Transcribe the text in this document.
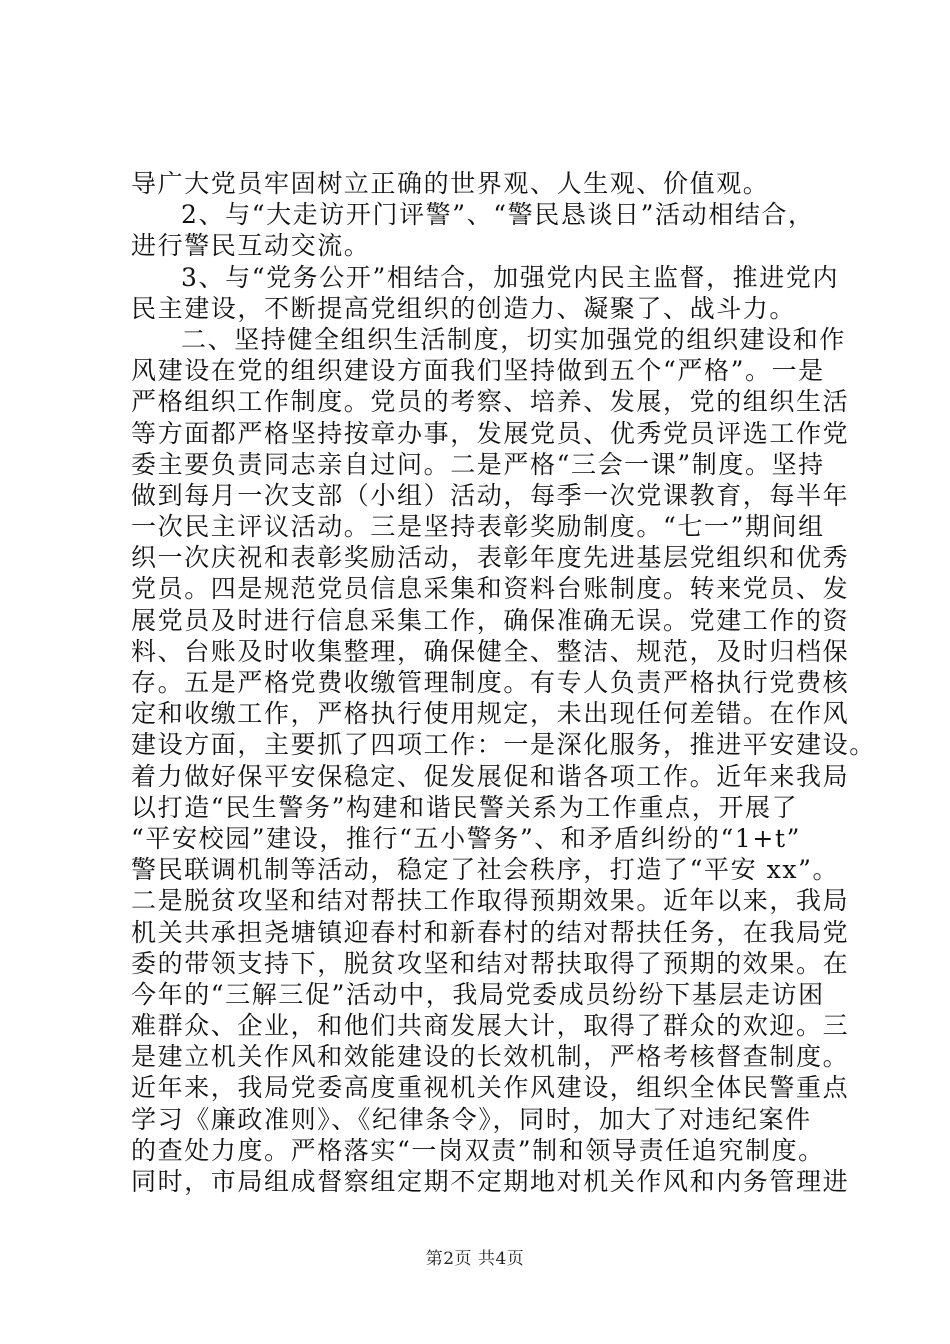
导广大党员牢固树立正确的世界观、人生观、价值观。
2、与“大走访开门评警”、“警民恳谈日”活动相结合，
进行警民互动交流。
3、与“党务公开”相结合，加强党内民主监督，推进党内
民主建设，不断提高党组织的创造力、凝聚了、战斗力。
二、坚持健全组织生活制度，切实加强党的组织建设和作
风建设在党的组织建设方面我们坚持做到五个“严格”。一是
严格组织工作制度。党员的考察、培养、发展，党的组织生活
等方面都严格坚持按章办事，发展党员、优秀党员评选工作党
委主要负责同志亲自过问。二是严格“三会一课”制度。坚持
做到每月一次支部（小组）活动，每季一次党课教育，每半年
一次民主评议活动。三是坚持表彰奖励制度。“七一”期间组
织一次庆祝和表彰奖励活动，表彰年度先进基层党组织和优秀
党员。四是规范党员信息采集和资料台账制度。转来党员、发
展党员及时进行信息采集工作，确保准确无误。党建工作的资
料、台账及时收集整理，确保健全、整洁、规范，及时归档保
存。五是严格党费收缴管理制度。有专人负责严格执行党费核
定和收缴工作，严格执行使用规定，未出现任何差错。在作风
建设方面，主要抓了四项工作：一是深化服务，推进平安建设。
着力做好保平安保稳定、促发展促和谐各项工作。近年来我局
以打造“民生警务”构建和谐民警关系为工作重点，开展了
“平安校园”建设，推行“五小警务”、和矛盾纠纷的“1+t”
警民联调机制等活动，稳定了社会秩序，打造了“平安 xx”。
二是脱贫攻坚和结对帮扶工作取得预期效果。近年以来，我局
机关共承担尧塘镇迎春村和新春村的结对帮扶任务，在我局党
委的带领支持下，脱贫攻坚和结对帮扶取得了预期的效果。在
今年的“三解三促”活动中，我局党委成员纷纷下基层走访困
难群众、企业，和他们共商发展大计，取得了群众的欢迎。三
是建立机关作风和效能建设的长效机制，严格考核督查制度。
近年来，我局党委高度重视机关作风建设，组织全体民警重点
学习《廉政准则》、《纪律条令》，同时，加大了对违纪案件
的查处力度。严格落实“一岗双责”制和领导责任追究制度。
同时，市局组成督察组定期不定期地对机关作风和内务管理进
第2页 共4页
